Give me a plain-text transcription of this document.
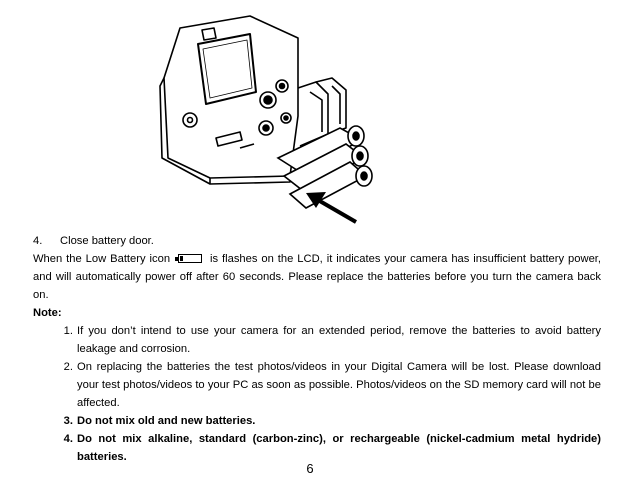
4.	Close battery door.
When the Low Battery icon	is flashes on the LCD, it indicates your camera has insufficient battery power, and will automatically power off after 60 seconds. Please replace the batteries before you turn the camera back on.
Note:
1. If you don’t intend to use your camera for an extended period, remove the batteries to avoid battery leakage and corrosion.
2. On replacing the batteries the test photos/videos in your Digital Camera will be lost. Please download your test photos/videos to your PC as soon as possible. Photos/videos on the SD memory card will not be affected.
3. Do not mix old and new batteries.
4. Do not mix alkaline, standard (carbon-zinc), or rechargeable (nickel-cadmium metal hydride) batteries.
6
